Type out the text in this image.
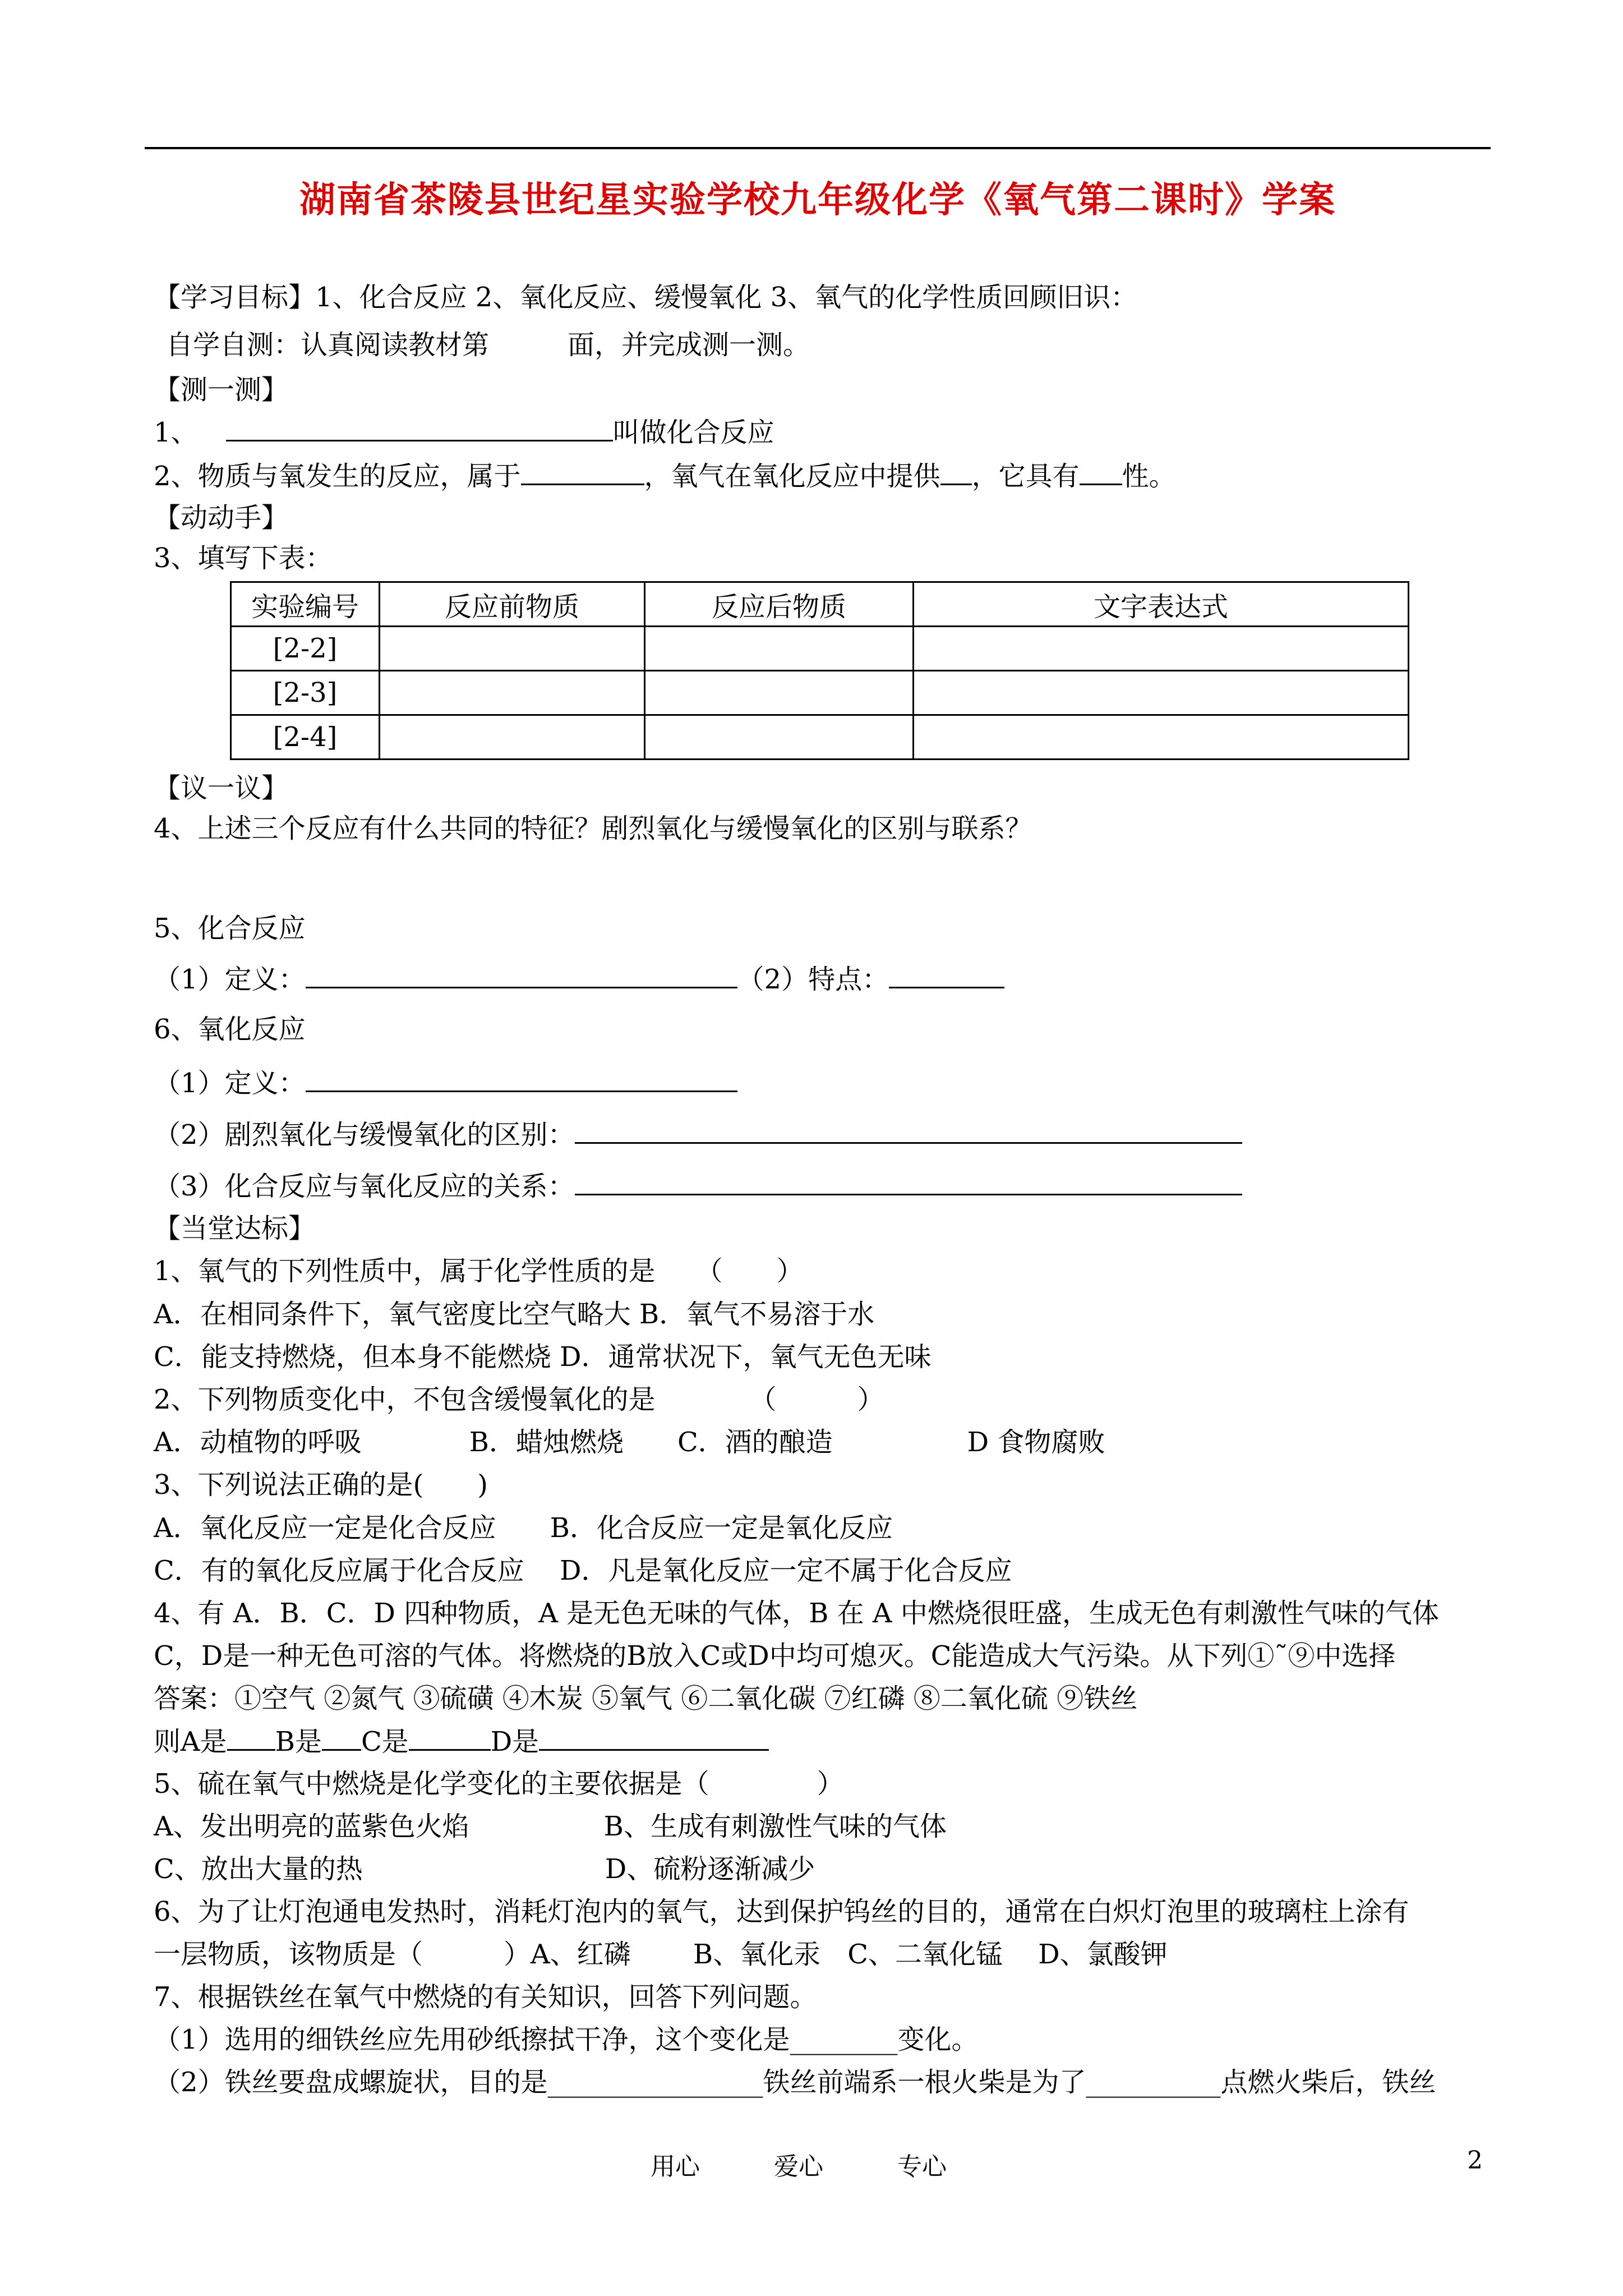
湖南省茶陵县世纪星实验学校九年级化学《氧气第二课时》学案
【学习目标】1、化合反应 2、氧化反应、缓慢氧化 3、氧气的化学性质回顾旧识：
自学自测：认真阅读教材第	面，并完成测一测。
【测一测】
1、	叫做化合反应
2、物质与氧发生的反应，属于	，氧气在氧化反应中提供 ，它具有 性。
【动动手】
3、填写下表：
实验编号	反应前物质	反应后物质	文字表达式
[2-2]			
[2-3]			
[2-4]			
【议一议】
4、上述三个反应有什么共同的特征？剧烈氧化与缓慢氧化的区别与联系？
5、化合反应
（1）定义：	（2）特点：
6、氧化反应
（1）定义：
（2）剧烈氧化与缓慢氧化的区别：
（3）化合反应与氧化反应的关系：
【当堂达标】
1、氧气的下列性质中，属于化学性质的是　　（　　）
A．在相同条件下，氧气密度比空气略大 B．氧气不易溶于水
C．能支持燃烧，但本身不能燃烧 D．通常状况下，氧气无色无味
2、下列物质变化中，不包含缓慢氧化的是　　　　（　　　）
A．动植物的呼吸　　　　B．蜡烛燃烧　　C．酒的酿造　　　　　D 食物腐败
3、下列说法正确的是(　　)
A．氧化反应一定是化合反应　　B．化合反应一定是氧化反应
C．有的氧化反应属于化合反应　 D．凡是氧化反应一定不属于化合反应
4、有 A．B．C．D 四种物质，A 是无色无味的气体，B 在 A 中燃烧很旺盛，生成无色有刺激性气味的气体
C，D是一种无色可溶的气体。将燃烧的B放入C或D中均可熄灭。C能造成大气污染。从下列①˜⑨中选择
答案：①空气 ②氮气 ③硫磺 ④木炭 ⑤氧气 ⑥二氧化碳 ⑦红磷 ⑧二氧化硫 ⑨铁丝
则A是 B是 C是	D是
5、硫在氧气中燃烧是化学变化的主要依据是（　　　　）
A、发出明亮的蓝紫色火焰　　　　　B、生成有刺激性气味的气体
C、放出大量的热　　　　　　　　　D、硫粉逐渐减少
6、为了让灯泡通电发热时，消耗灯泡内的氧气，达到保护钨丝的目的，通常在白炽灯泡里的玻璃柱上涂有
一层物质，该物质是（　　　）A、红磷　　 B、氧化汞　C、二氧化锰　 D、氯酸钾
7、根据铁丝在氧气中燃烧的有关知识，回答下列问题。
（1）选用的细铁丝应先用砂纸擦拭干净，这个变化是________变化。
（2）铁丝要盘成螺旋状，目的是________________铁丝前端系一根火柴是为了__________点燃火柴后，铁丝
用心　　　爱心　　　专心	2
